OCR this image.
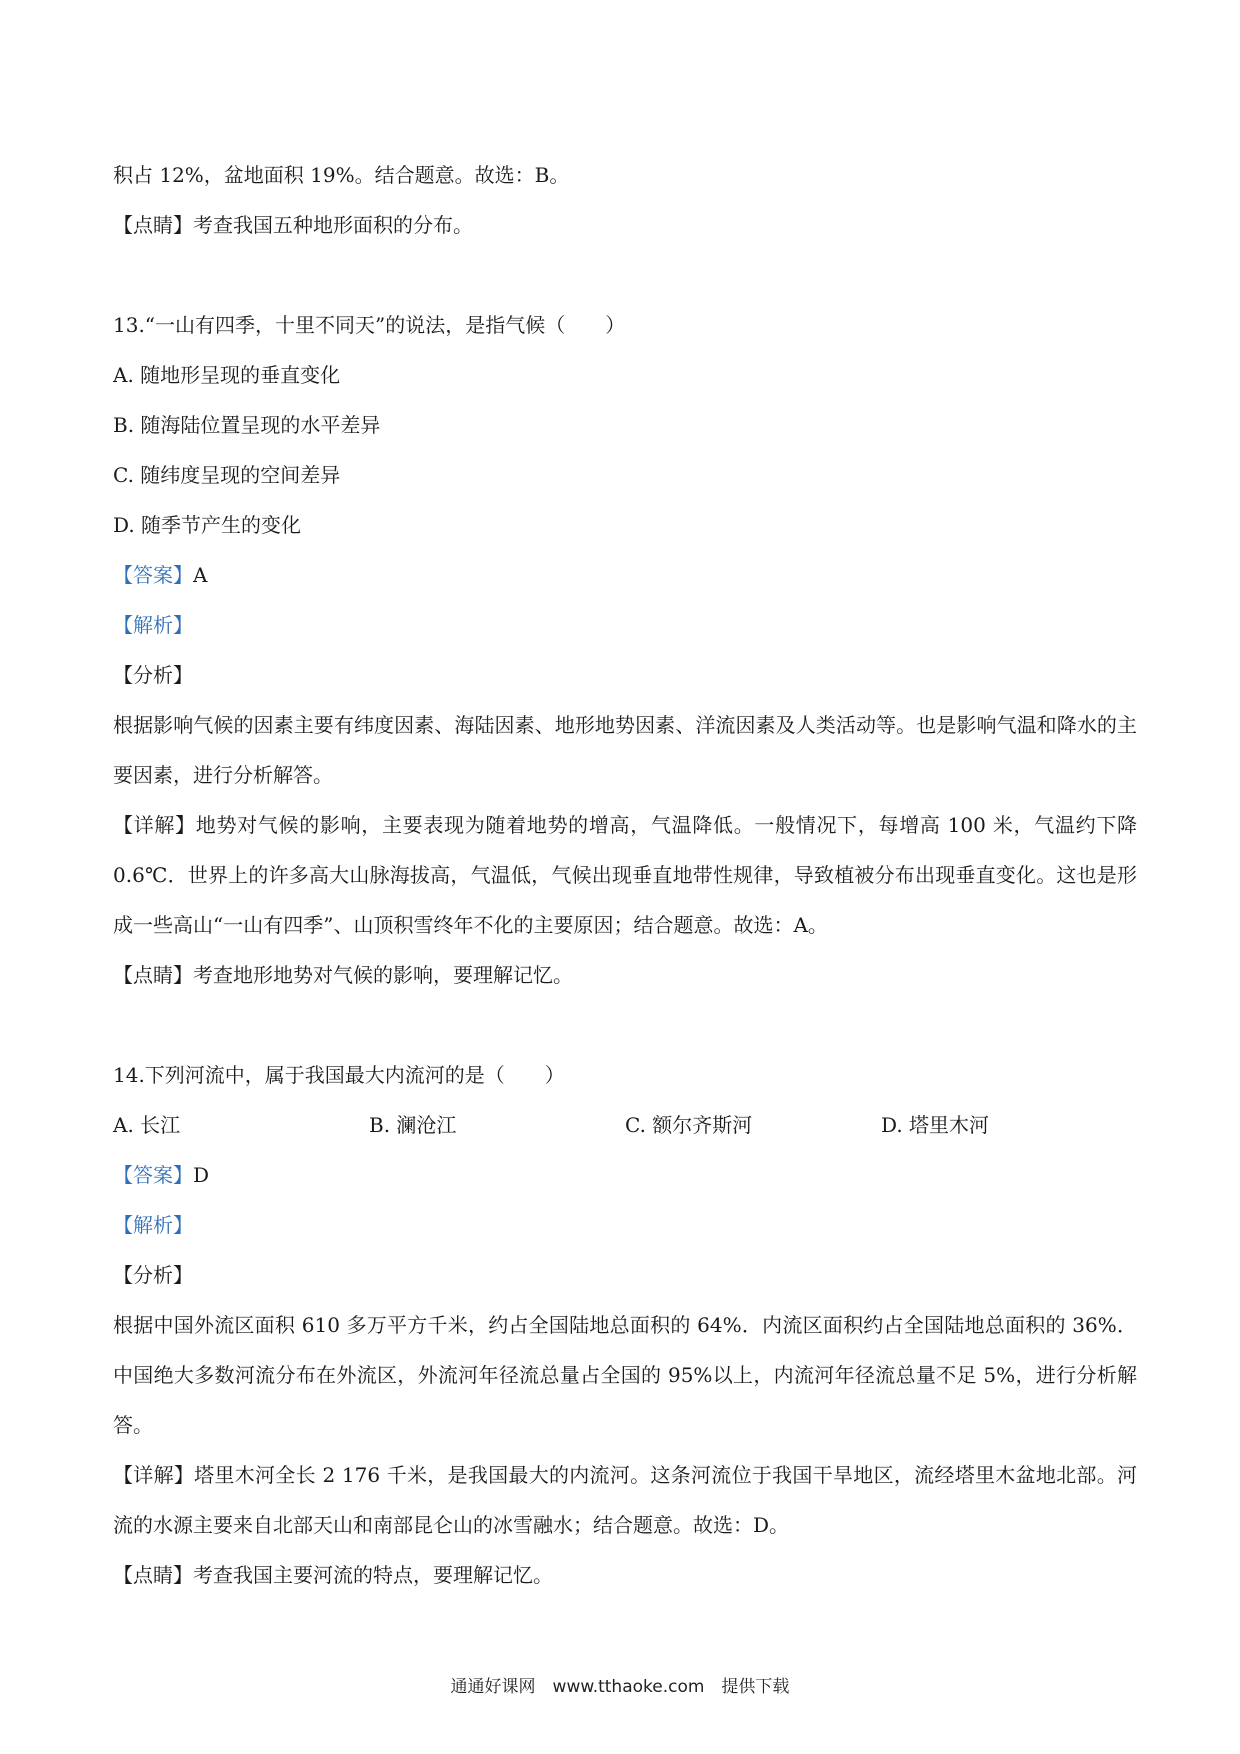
积占 12%，盆地面积 19%。结合题意。故选：B。
【点睛】考查我国五种地形面积的分布。
13.“一山有四季，十里不同天”的说法，是指气候（　　）
A. 随地形呈现的垂直变化
B. 随海陆位置呈现的水平差异
C. 随纬度呈现的空间差异
D. 随季节产生的变化
【答案】A
【解析】
【分析】
根据影响气候的因素主要有纬度因素、海陆因素、地形地势因素、洋流因素及人类活动等。也是影响气温和降水的主要因素，进行分析解答。
【详解】地势对气候的影响，主要表现为随着地势的增高，气温降低。一般情况下，每增高 100 米，气温约下降 0.6℃．世界上的许多高大山脉海拔高，气温低，气候出现垂直地带性规律，导致植被分布出现垂直变化。这也是形成一些高山“一山有四季”、山顶积雪终年不化的主要原因；结合题意。故选：A。
【点睛】考查地形地势对气候的影响，要理解记忆。
14.下列河流中，属于我国最大内流河的是（　　）
A. 长江	B. 澜沧江	C. 额尔齐斯河	D. 塔里木河
【答案】D
【解析】
【分析】
根据中国外流区面积 610 多万平方千米，约占全国陆地总面积的 64%．内流区面积约占全国陆地总面积的 36%．中国绝大多数河流分布在外流区，外流河年径流总量占全国的 95%以上，内流河年径流总量不足 5%，进行分析解答。
【详解】塔里木河全长 2 176 千米，是我国最大的内流河。这条河流位于我国干旱地区，流经塔里木盆地北部。河流的水源主要来自北部天山和南部昆仑山的冰雪融水；结合题意。故选：D。
【点睛】考查我国主要河流的特点，要理解记忆。
通通好课网　www.tthaoke.com　提供下载
